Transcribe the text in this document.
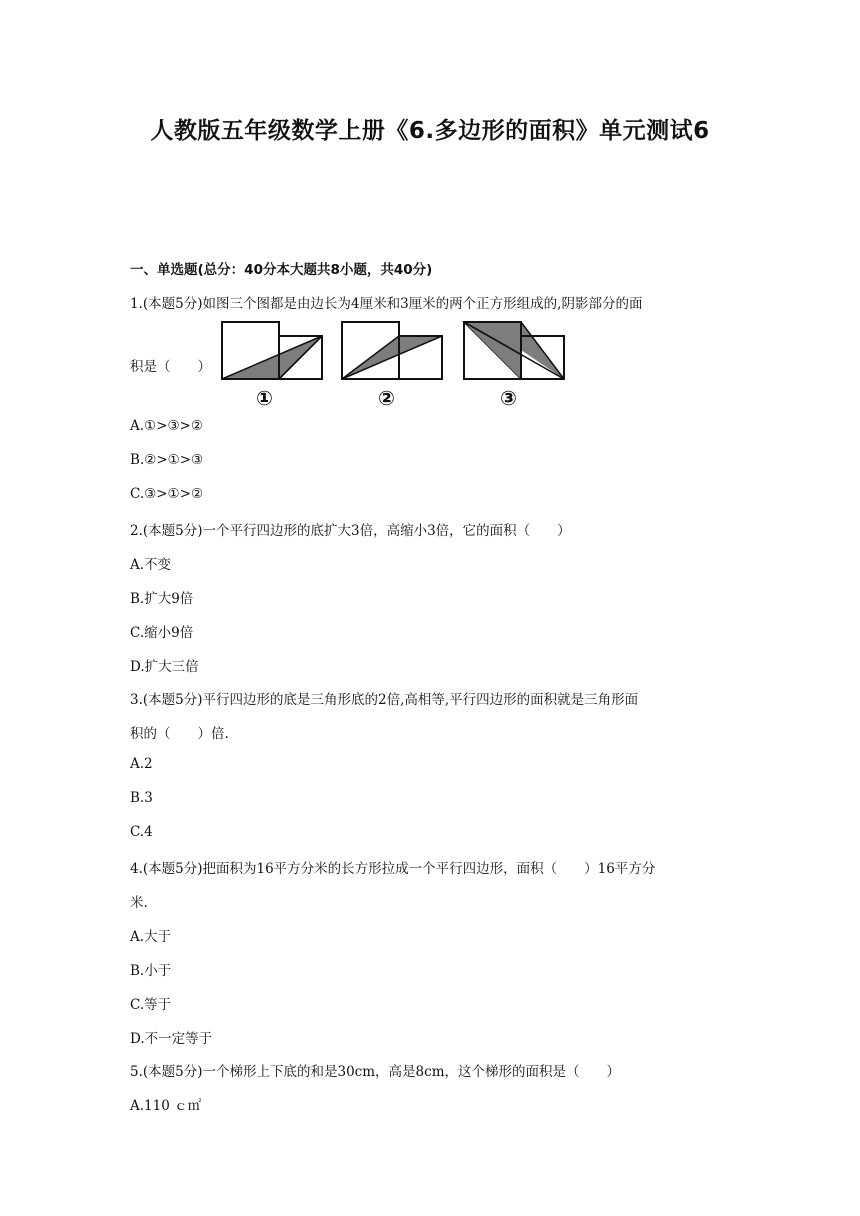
人教版五年级数学上册《6.多边形的面积》单元测试6
一、单选题(总分：40分本大题共8小题，共40分)
1.(本题5分)如图三个图都是由边长为4厘米和3厘米的两个正方形组成的,阴影部分的面
积是（　　）
①	②	③
A.①>③>②
B.②>①>③
C.③>①>②
2.(本题5分)一个平行四边形的底扩大3倍，高缩小3倍，它的面积（　　）
A.不变
B.扩大9倍
C.缩小9倍
D.扩大三倍
3.(本题5分)平行四边形的底是三角形底的2倍,高相等,平行四边形的面积就是三角形面
积的（　　）倍.
A.2
B.3
C.4
4.(本题5分)把面积为16平方分米的长方形拉成一个平行四边形，面积（　　）16平方分
米.
A.大于
B.小于
C.等于
D.不一定等于
5.(本题5分)一个梯形上下底的和是30cm，高是8cm，这个梯形的面积是（　　）
A.110 ｃ㎡
